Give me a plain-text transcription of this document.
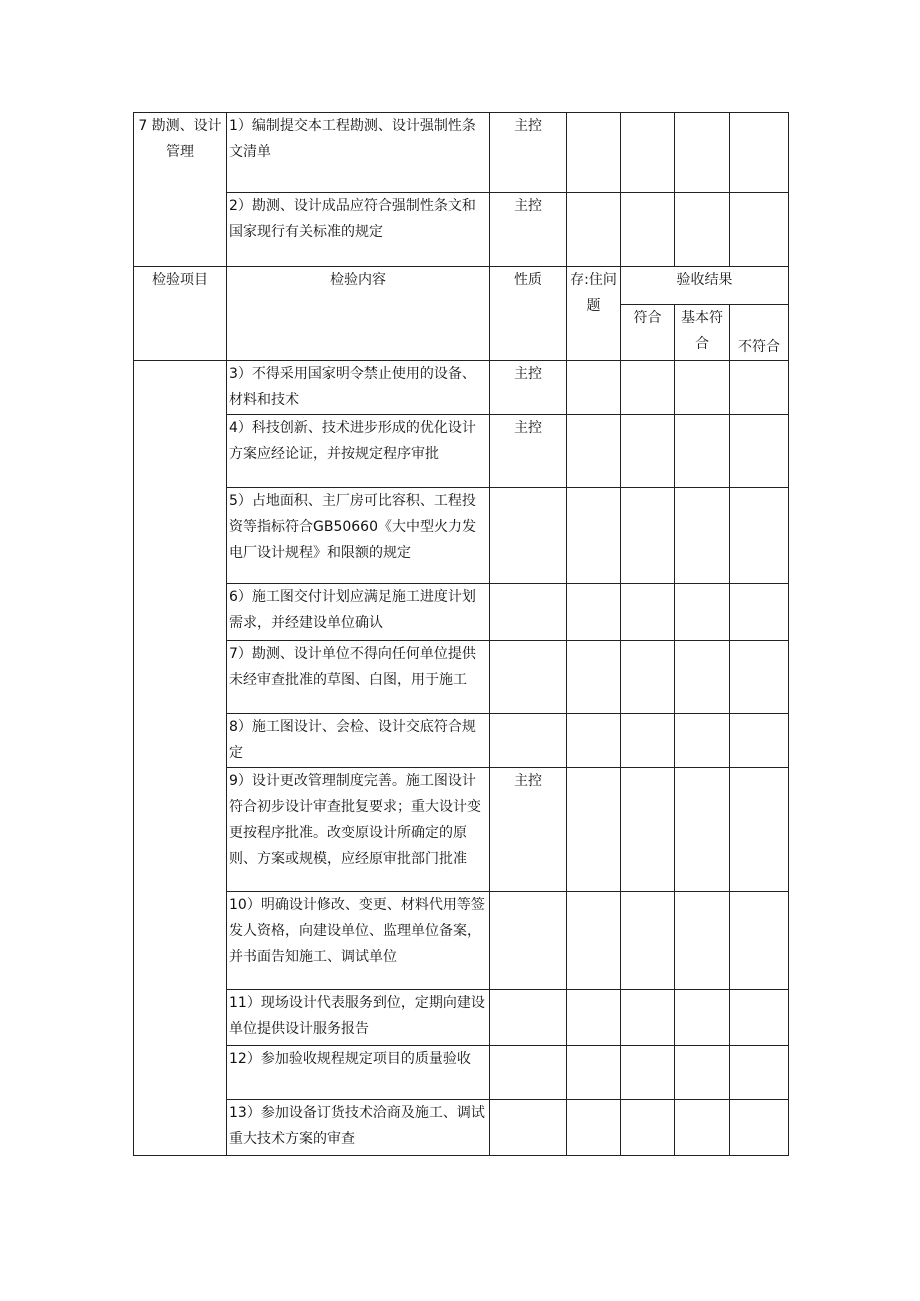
7 勘测、设计管理	1）编制提交本工程勘测、设计强制性条文清单	主控				
	2）勘测、设计成品应符合强制性条文和国家现行有关标准的规定	主控				
检验项目	检验内容	性质	存:住问题	验收结果		
				符合	基本符合	不符合
	3）不得采用国家明令禁止使用的设备、材料和技术	主控				
	4）科技创新、技术进步形成的优化设计方案应经论证，并按规定程序审批	主控				
	5）占地面积、主厂房可比容积、工程投资等指标符合GB50660《大中型火力发电厂设计规程》和限额的规定					
	6）施工图交付计划应满足施工进度计划需求，并经建设单位确认					
	7）勘测、设计单位不得向任何单位提供未经审查批准的草图、白图，用于施工					
	8）施工图设计、会检、设计交底符合规定					
	9）设计更改管理制度完善。施工图设计符合初步设计审查批复要求；重大设计变更按程序批准。改变原设计所确定的原则、方案或规模，应经原审批部门批准	主控				
	10）明确设计修改、变更、材料代用等签发人资格，向建设单位、监理单位备案，并书面告知施工、调试单位					
	11）现场设计代表服务到位，定期向建设单位提供设计服务报告					
	12）参加验收规程规定项目的质量验收					
	13）参加设备订货技术洽商及施工、调试重大技术方案的审查					
